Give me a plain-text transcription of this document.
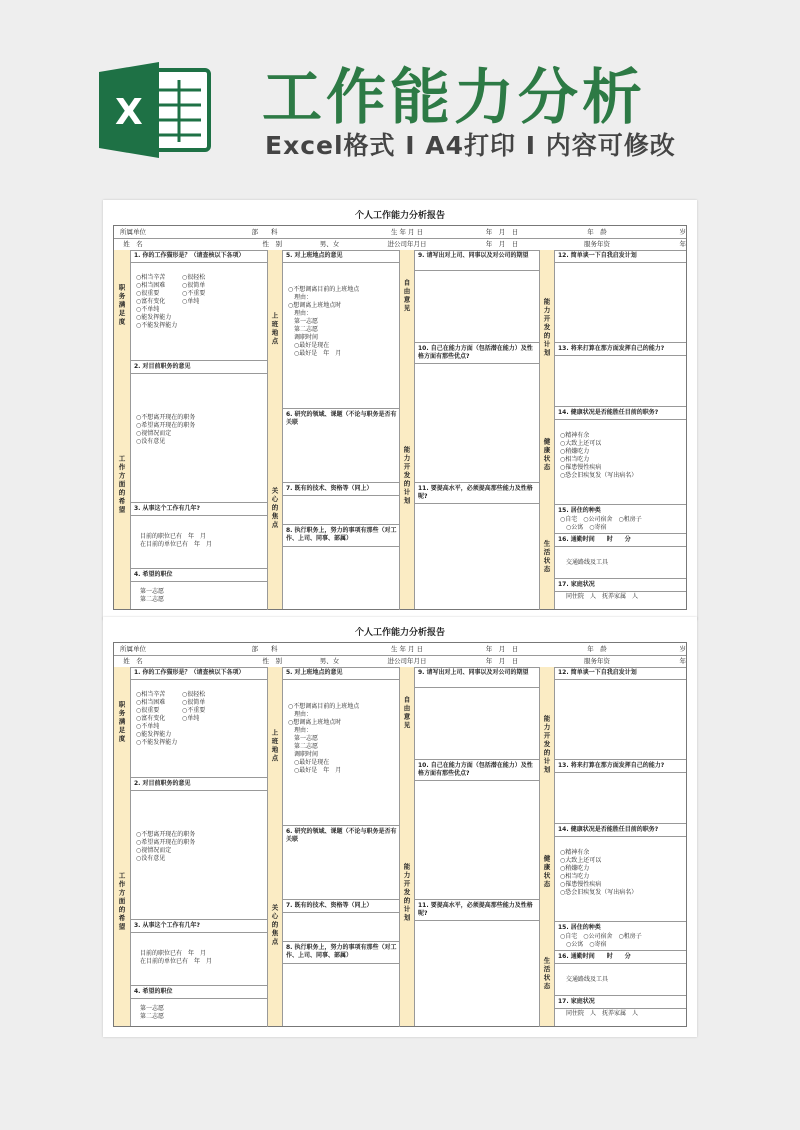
X 工作能力分析
Excel格式 I A4打印 I 内容可修改
个人工作能力分析报告
所属单位	部　　科	生 年 月 日	年　月　日	年　龄	岁
姓　名	性　别	男、女	进公司年月日	年　月　日	服务年资	年
职务满足度
工作方面的希望
上班地点
关心的焦点
1. 你的工作猫形是？（请查核以下各项）
○相当辛苦
○相当困难
○很重要
○富有变化
○不单纯
○能发挥能力
○不能发挥能力
○很轻松
○很简单
○不重要
○单纯
2. 对目前职务的意见
○不想离开现在的职务
○希望离开现在的职务
○视情况而定
○没有意见
3. 从事这个工作有几年?
目前的职位已有　年　月
在目前的单位已有　年　月
4. 希望的职位
第一志愿
第二志愿
5. 对上班地点的意见
○不想调离目前的上班地点
　理由：
○想调离上班地点时
　理由：
　第一志愿
　第二志愿
　调职时间
　○最好是现在
　○最好是　年　月
6. 研究的领域、课题（不论与职务是否有关联
7. 既有的技术、资格等（同上）
8. 执行职务上，努力的事项有那些（对工作、上司、同事、部属）
自由意见
能力开发的计划
9. 请写出对上司、同事以及对公司的期望
10. 自己在能力方面（包括潜在能力）及性格方面有那些优点?
11. 要提高水平，必须提高那些能力及性格呢?
能力开发的计划
健康状态
生活状态
12. 简单谈一下自我启发计划
13. 将来打算在那方面发挥自己的能力?
14. 健康状况是否能胜任目前的职务?
○精神有余
○大致上还可以
○稍嫌吃力
○相当吃力
○罹患慢性疾病
○恐会旧疾复发（写出病名）
15. 居住的种类
○自宅　○公司宿舍　○租房子
　○公寓　○寄宿
16. 通勤时间　　时　　分
交通路线及工具
17. 家庭状况
同住院　人　抚养家属　人
个人工作能力分析报告
所属单位	部　　科	生 年 月 日	年　月　日	年　龄	岁
姓　名	性　别	男、女	进公司年月日	年　月　日	服务年资	年
职务满足度
工作方面的希望
上班地点
关心的焦点
1. 你的工作猫形是？（请查核以下各项）
○相当辛苦
○相当困难
○很重要
○富有变化
○不单纯
○能发挥能力
○不能发挥能力
○很轻松
○很简单
○不重要
○单纯
2. 对目前职务的意见
○不想离开现在的职务
○希望离开现在的职务
○视情况而定
○没有意见
3. 从事这个工作有几年?
目前的职位已有　年　月
在目前的单位已有　年　月
4. 希望的职位
第一志愿
第二志愿
5. 对上班地点的意见
○不想调离目前的上班地点
　理由：
○想调离上班地点时
　理由：
　第一志愿
　第二志愿
　调职时间
　○最好是现在
　○最好是　年　月
6. 研究的领域、课题（不论与职务是否有关联
7. 既有的技术、资格等（同上）
8. 执行职务上，努力的事项有那些（对工作、上司、同事、部属）
自由意见
能力开发的计划
9. 请写出对上司、同事以及对公司的期望
10. 自己在能力方面（包括潜在能力）及性格方面有那些优点?
11. 要提高水平，必须提高那些能力及性格呢?
能力开发的计划
健康状态
生活状态
12. 简单谈一下自我启发计划
13. 将来打算在那方面发挥自己的能力?
14. 健康状况是否能胜任目前的职务?
○精神有余
○大致上还可以
○稍嫌吃力
○相当吃力
○罹患慢性疾病
○恐会旧疾复发（写出病名）
15. 居住的种类
○自宅　○公司宿舍　○租房子
　○公寓　○寄宿
16. 通勤时间　　时　　分
交通路线及工具
17. 家庭状况
同住院　人　抚养家属　人
